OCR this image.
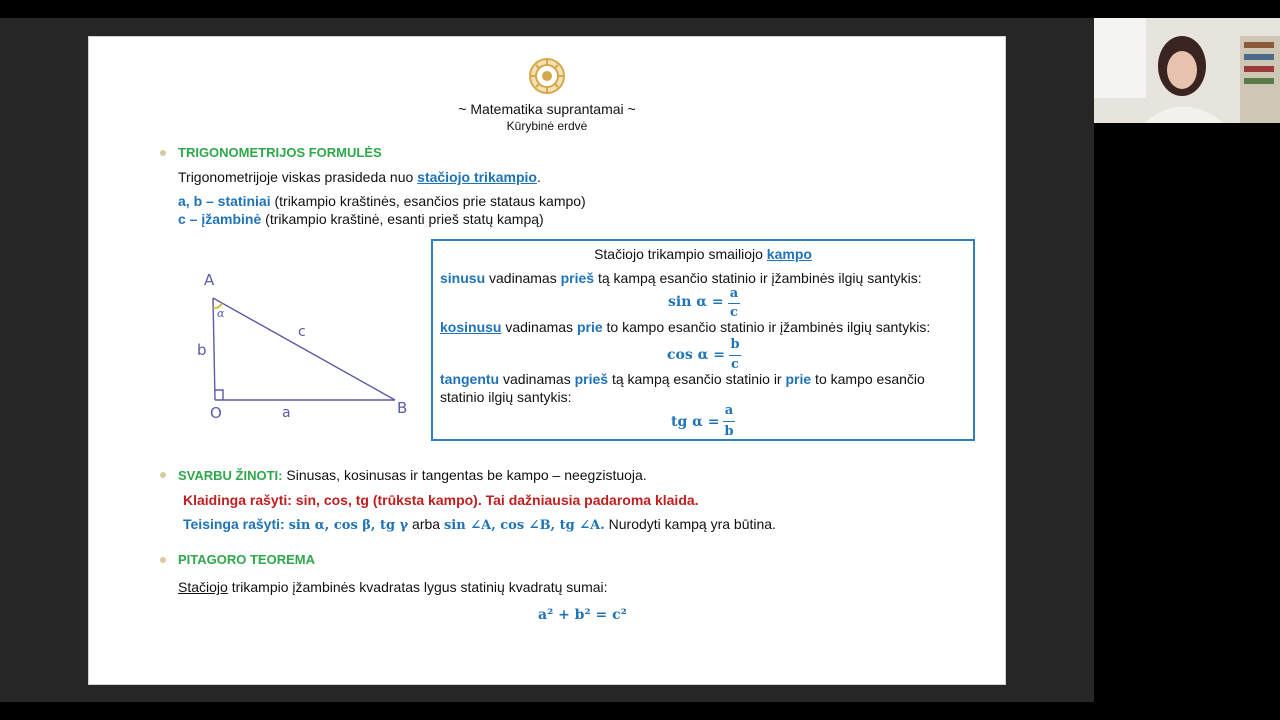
~ Matematika suprantamai ~
Kūrybinė erdvė
TRIGONOMETRIJOS FORMULĖS
Trigonometrijoje viskas prasideda nuo stačiojo trikampio.
a, b – statiniai (trikampio kraštinės, esančios prie stataus kampo)
c – įžambinė (trikampio kraštinė, esanti prieš statų kampą)
A
B
O	a
b
c
α
Stačiojo trikampio smailiojo kampo
sinusu vadinamas prieš tą kampą esančio statinio ir įžambinės ilgių santykis:
sin α =
a
c
kosinusu vadinamas prie to kampo esančio statinio ir įžambinės ilgių santykis:
cos α =
b
c
tangentu vadinamas prieš tą kampą esančio statinio ir prie to kampo esančio
statinio ilgių santykis:
tg α =
a
b
SVARBU ŽINOTI: Sinusas, kosinusas ir tangentas be kampo – neegzistuoja.
Klaidinga rašyti: sin, cos, tg (trūksta kampo). Tai dažniausia padaroma klaida.
Teisinga rašyti: sin α, cos β, tg γ arba sin ∠A, cos ∠B, tg ∠A. Nurodyti kampą yra būtina.
PITAGORO TEOREMA
Stačiojo trikampio įžambinės kvadratas lygus statinių kvadratų sumai:
a² + b² = c²
